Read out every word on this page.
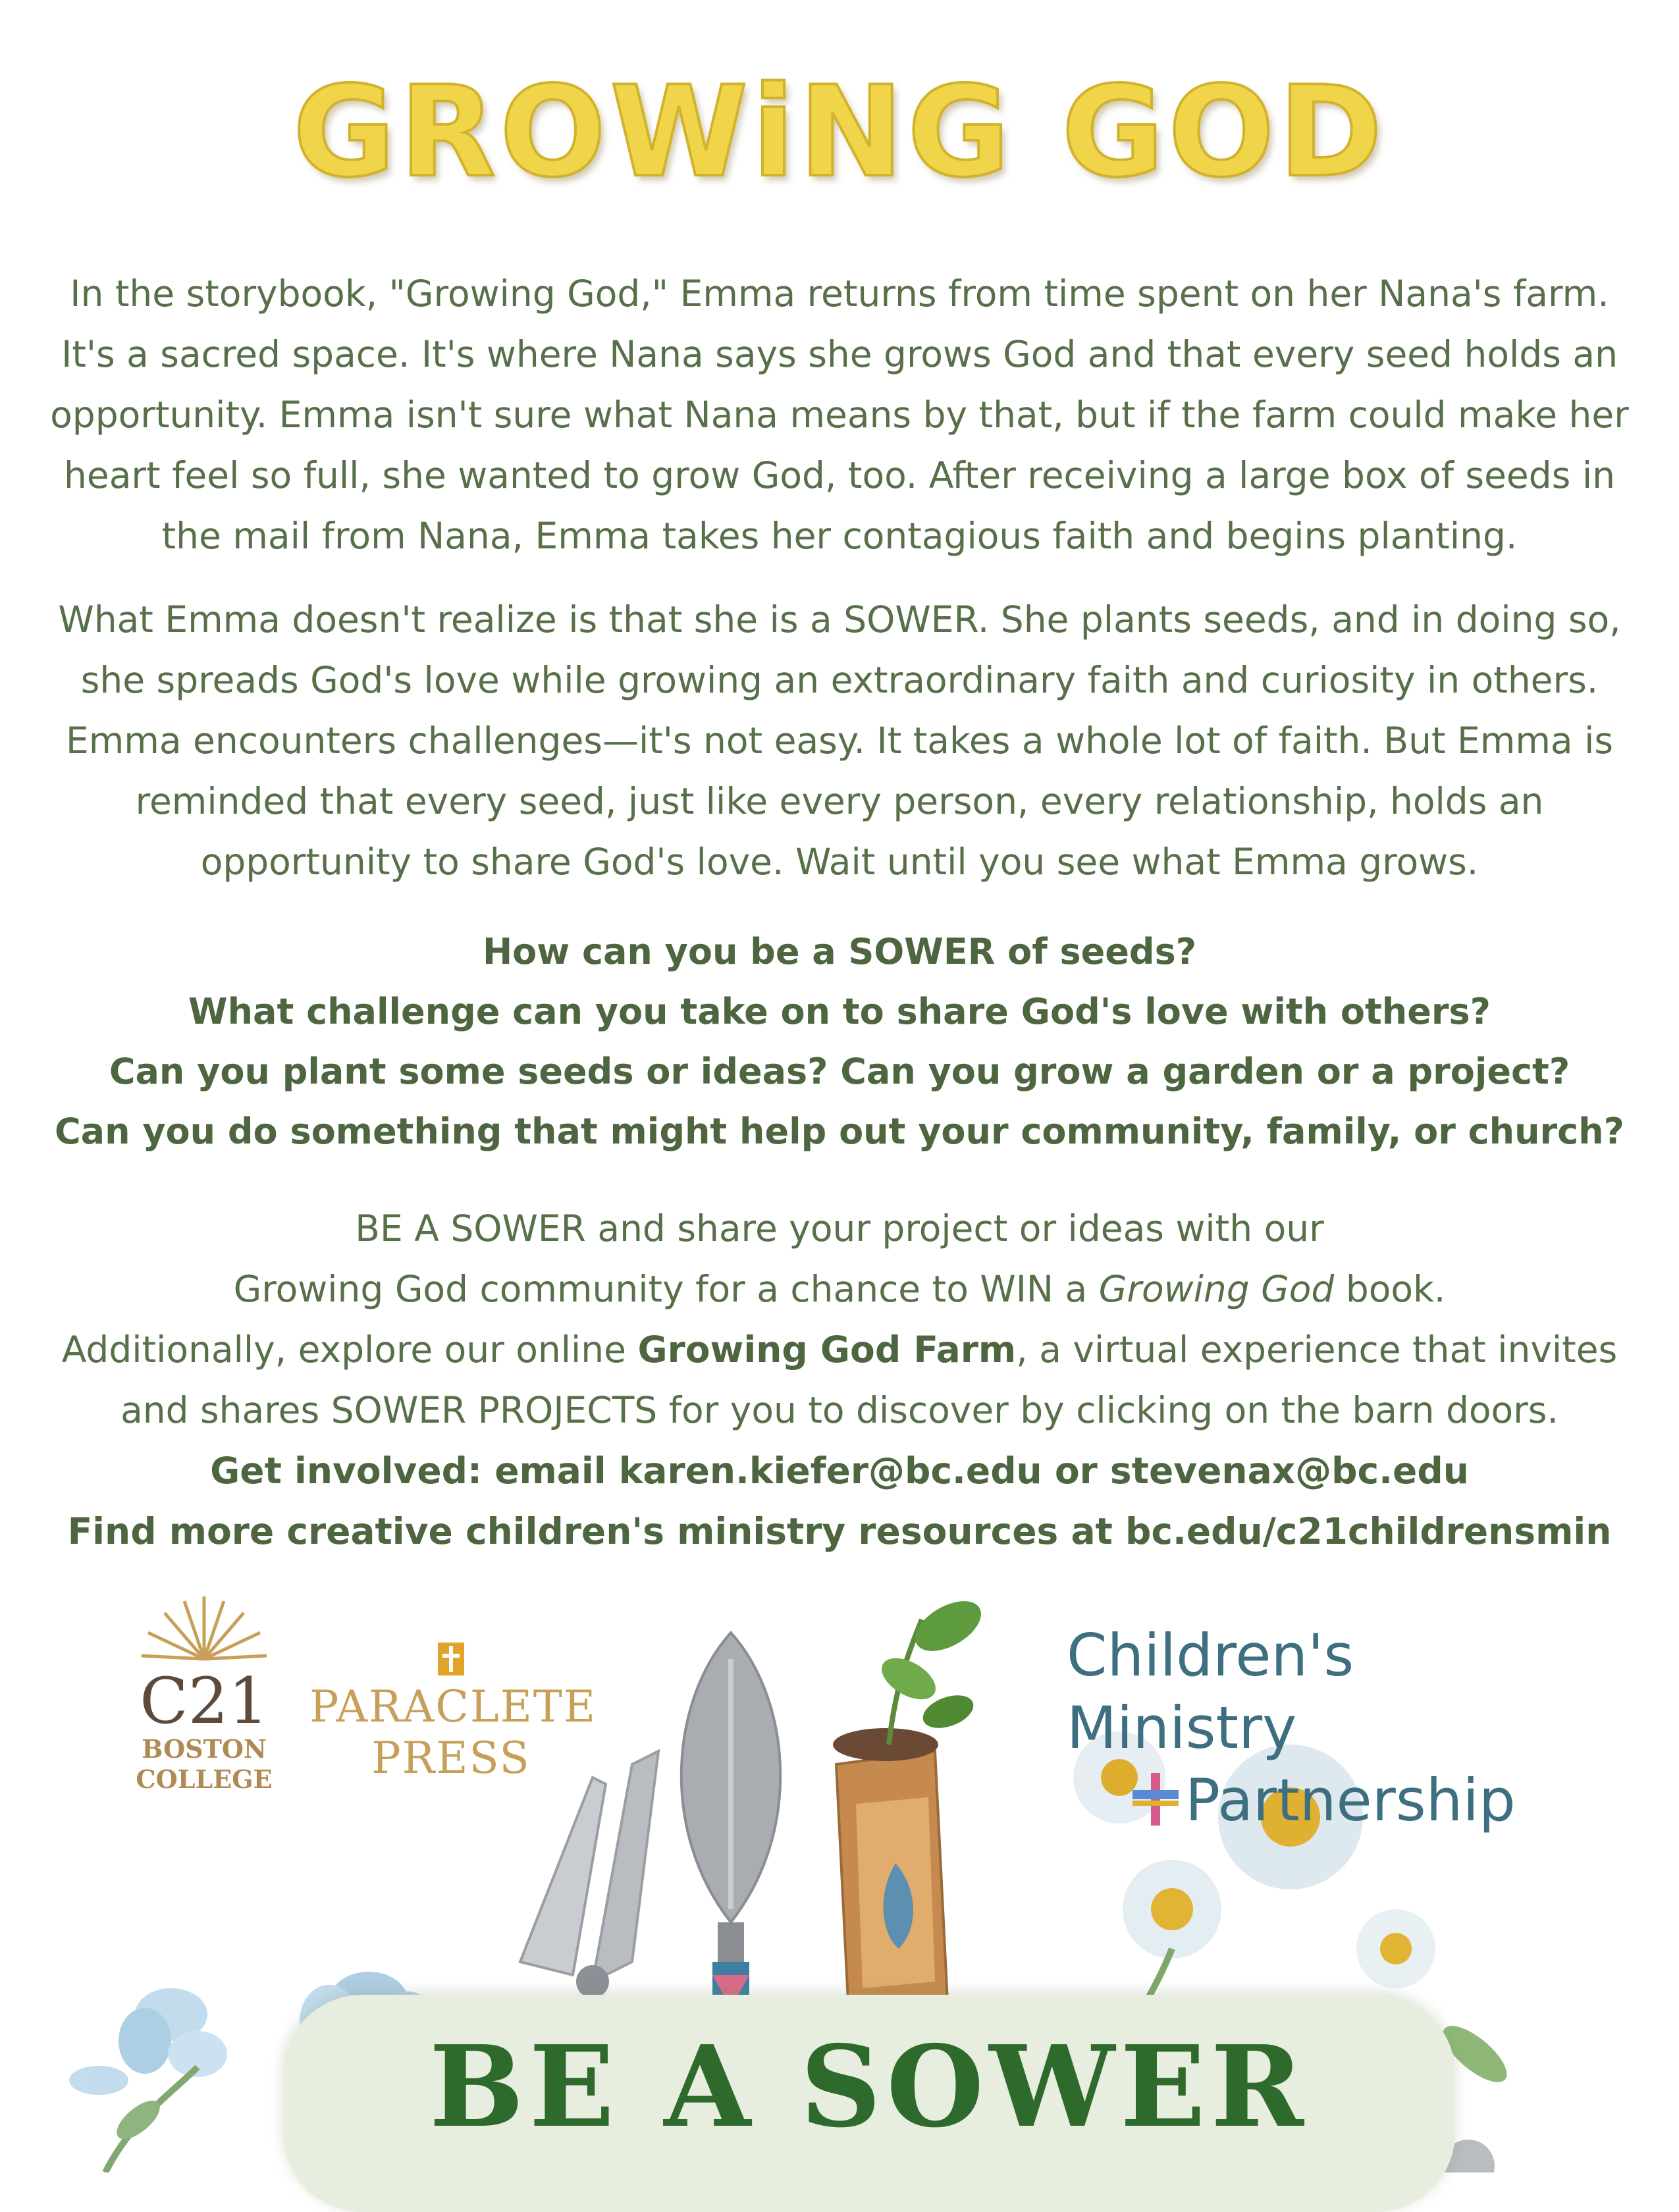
GROWiNG GOD

In the storybook, "Growing God," Emma returns from time spent on her Nana's farm. It's a sacred space. It's where Nana says she grows God and that every seed holds an opportunity. Emma isn't sure what Nana means by that, but if the farm could make her heart feel so full, she wanted to grow God, too. After receiving a large box of seeds in the mail from Nana, Emma takes her contagious faith and begins planting.

What Emma doesn't realize is that she is a SOWER. She plants seeds, and in doing so, she spreads God's love while growing an extraordinary faith and curiosity in others. Emma encounters challenges—it's not easy. It takes a whole lot of faith. But Emma is reminded that every seed, just like every person, every relationship, holds an opportunity to share God's love. Wait until you see what Emma grows.

How can you be a SOWER of seeds?
What challenge can you take on to share God's love with others?
Can you plant some seeds or ideas? Can you grow a garden or a project?
Can you do something that might help out your community, family, or church?
BE A SOWER and share your project or ideas with our
Growing God community for a chance to WIN a Growing God book.
Additionally, explore our online Growing God Farm, a virtual experience that invites
and shares SOWER PROJECTS for you to discover by clicking on the barn doors.
Get involved: email karen.kiefer@bc.edu or stevenax@bc.edu
Find more creative children's ministry resources at bc.edu/c21childrensmin
C21
BOSTON
COLLEGE
PARACLETE
PRESS
Children's Ministry
Partnership
BE A SOWER
